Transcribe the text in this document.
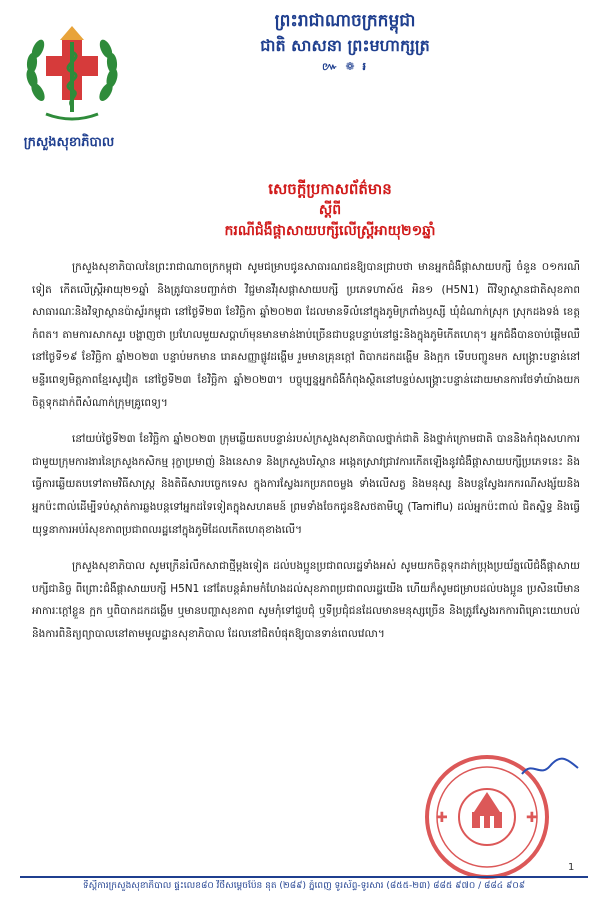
ក្រសួងសុខាភិបាល
ព្រះរាជាណាចក្រកម្ពុជា
ជាតិ សាសនា ព្រះមហាក្សត្រ
៚ ❁ ៛
សេចក្តីប្រកាសព័ត៌មាន
ស្តីពី
ករណីជំងឺផ្តាសាយបក្សីលើស្ត្រីអាយុ២១ឆ្នាំ

ក្រសួងសុខាភិបាលនៃព្រះរាជាណាចក្រកម្ពុជា សូមជម្រាបជូនសាធារណជនឱ្យបានជ្រាបថា មានអ្នកជំងឺផ្តាសាយបក្សី ចំនួន ០១ករណីទៀត កើតលើស្ត្រីអាយុ២១ឆ្នាំ និងត្រូវបានបញ្ជាក់ថា វិជ្ជមានវីរុសផ្តាសាយបក្សី ប្រភេទហាស៍៥ អិន១ (H5N1) ពីវិទ្យាស្ថានជាតិសុខភាពសាធារណៈនិងវិទ្យាស្ថានប៉ាស្ទ័រកម្ពុជា នៅថ្ងៃទី២៣ ខែវិច្ឆិកា ឆ្នាំ២០២៣ ដែលមានទីលំនៅក្នុងភូមិក្រពាំងឫស្សី ឃុំដំណាក់ស្រុក ស្រុកដងទង់ ខេត្តកំពត។ តាមការសាកសួរ បង្ហាញថា ប្រហែលមួយសប្តាហ៍មុនមានមាន់ងាប់ច្រើនជាបន្តបន្ទាប់នៅផ្ទះនិងក្នុងភូមិកើតហេតុ។ អ្នកជំងឺបានចាប់ផ្តើមឈឺនៅថ្ងៃទី១៩ ខែវិច្ឆិកា ឆ្នាំ២០២៣ បន្ទាប់មកមាន រោគសញ្ញាផ្លូវដង្ហើម រួមមានគ្រុនក្តៅ ពិបាកដកដង្ហើម និងក្អក ទើបបញ្ជូនមក សង្គ្រោះបន្ទាន់នៅមន្ទីរពេទ្យមិត្តភាពខ្មែរសូវៀត នៅថ្ងៃទី២៣ ខែវិច្ឆិកា ឆ្នាំ២០២៣។ បច្ចុប្បន្នអ្នកជំងឺកំពុងស្ថិតនៅបន្ទប់សង្គ្រោះបន្ទាន់ដោយមានការថែទាំយ៉ាងយកចិត្តទុកដាក់ពីសំណាក់ក្រុមគ្រូពេទ្យ។

នៅយប់ថ្ងៃទី២៣ ខែវិច្ឆិកា ឆ្នាំ២០២៣ ក្រុមឆ្លើយតបបន្ទាន់របស់ក្រសួងសុខាភិបាលថ្នាក់ជាតិ និងថ្នាក់ក្រោមជាតិ បាននិងកំពុងសហការជាមួយក្រុមការងារនៃក្រសួងកសិកម្ម រុក្ខាប្រមាញ់ និងនេសាទ និងក្រសួងបរិស្ថាន អង្កេតស្រាវជ្រាវការកើតឡើងនូវជំងឺផ្តាសាយបក្សីប្រភេទនេះ និងធ្វើការឆ្លើយតបទៅតាមវិធីសាស្ត្រ និងតិធីសារបច្ចេកទេស ក្នុងការស្វែងរកប្រភពចម្លង ទាំងលើសត្វ និងមនុស្ស និងបន្តស្វែងរកករណីសង្ស័យនិងអ្នកប៉ះពាល់ដើម្បីទប់ស្កាត់ការឆ្លងបន្តទៅអ្នកដទៃទៀតក្នុងសហគមន៍ ព្រមទាំងចែកជូនឱសថតាមីហ្វ្លូ (Tamiflu) ដល់អ្នកប៉ះពាល់ ជិតស្និទ្ធ និងធ្វើយុទ្ធនាការអប់រំសុខភាពប្រជាពលរដ្ឋនៅក្នុងភូមិដែលកើតហេតុខាងលើ។

ក្រសួងសុខាភិបាល សូមក្រើនរំលឹកសាជាថ្មីម្តងទៀត ដល់បងប្អូនប្រជាពលរដ្ឋទាំងអស់ សូមយកចិត្តទុកដាក់ប្រុងប្រយ័ត្នលើជំងឺផ្តាសាយបក្សីជានិច្ច ពីព្រោះជំងឺផ្តាសាយបក្សី H5N1 នៅតែបន្តគំរាមកំហែងដល់សុខភាពប្រជាពលរដ្ឋយើង ហើយក៏សូមជម្រាបដល់បងប្អូន ប្រសិនបើមានអាការៈក្តៅខ្លួន ក្អក ឬពិបាកដកដង្ហើម ឬមានបញ្ហាសុខភាព សូមកុំទៅជួបជុំ ឬទីប្រជុំជនដែលមានមនុស្សច្រើន និងត្រូវស្វែងរកការពិគ្រោះយោបល់ និងការពិនិត្យព្យាបាលនៅតាមមូលដ្ឋានសុខាភិបាល ដែលនៅជិតបំផុតឱ្យបានទាន់ពេលវេលា។

✚	✚
1
ទីស្តីការក្រសួងសុខាភិបាល ផ្ទះលេខ៨០ វិថីសម្តេចប៉ែន នុត (២៨៩) ភ្នំពេញ ទូរស័ព្ទ-ទូរសារ (៨៥៥-២៣) ៨៨៥ ៩៧០ / ៨៨៤ ៩០៩
